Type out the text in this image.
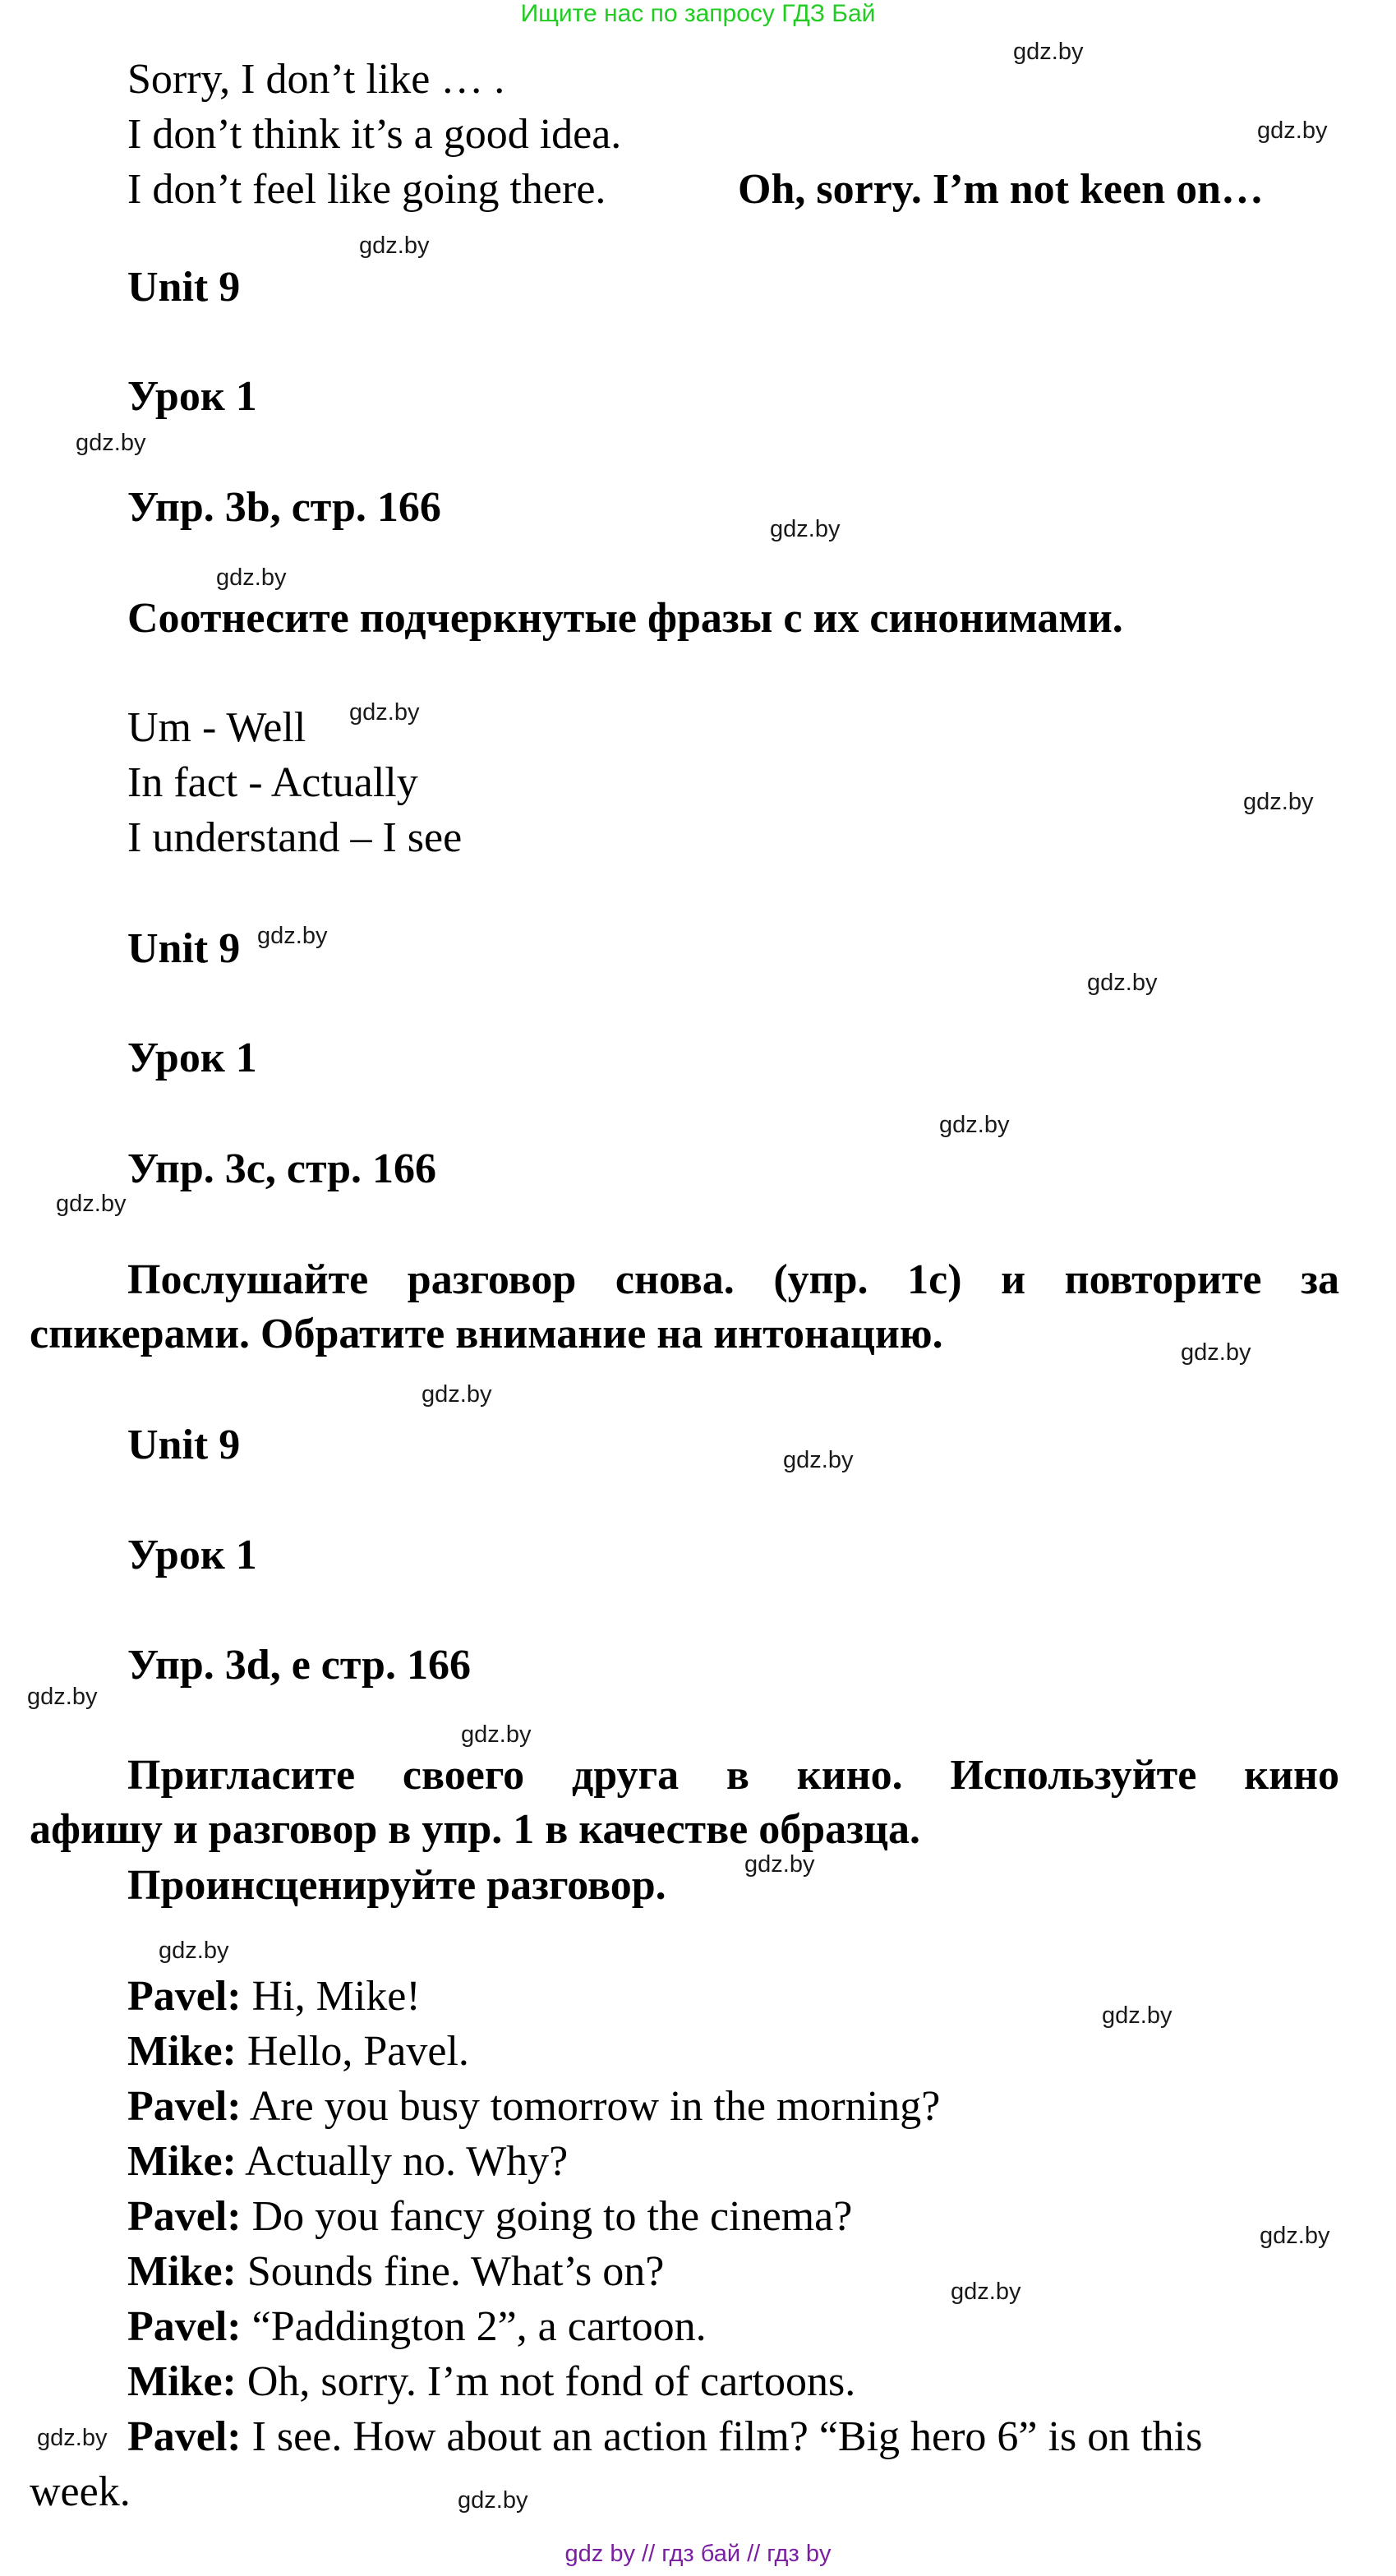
Ищите нас по запросу ГДЗ Бай
Sorry, I don’t like … .
I don’t think it’s a good idea.
I don’t feel like going there.	Oh, sorry. I’m not keen on…
Unit 9
Урок 1
Упр. 3b, стр. 166
Соотнесите подчеркнутые фразы с их синонимами.
Um - Well
In fact - Actually
I understand – I see
Unit 9
Урок 1
Упр. 3c, стр. 166
Послушайте разговор снова. (упр. 1с) и повторите за
спикерами. Обратите внимание на интонацию.
Unit 9
Урок 1
Упр. 3d, e стр. 166
Пригласите своего друга в кино. Используйте кино
афишу и разговор в упр. 1 в качестве образца.
Проинсценируйте разговор.
Pavel: Hi, Mike!
Mike: Hello, Pavel.
Pavel: Are you busy tomorrow in the morning?
Mike: Actually no. Why?
Pavel: Do you fancy going to the cinema?
Mike: Sounds fine. What’s on?
Pavel: “Paddington 2”, a cartoon.
Mike: Oh, sorry. I’m not fond of cartoons.
Pavel: I see. How about an action film? “Big hero 6” is on this
week.
gdz.by
gdz.by
gdz.by
gdz.by
gdz.by
gdz.by
gdz.by
gdz.by
gdz.by
gdz.by
gdz.by
gdz.by
gdz.by
gdz.by
gdz.by
gdz.by
gdz.by
gdz.by
gdz.by
gdz.by
gdz.by
gdz.by
gdz.by
gdz.by
gdz by // гдз бай // гдз by
